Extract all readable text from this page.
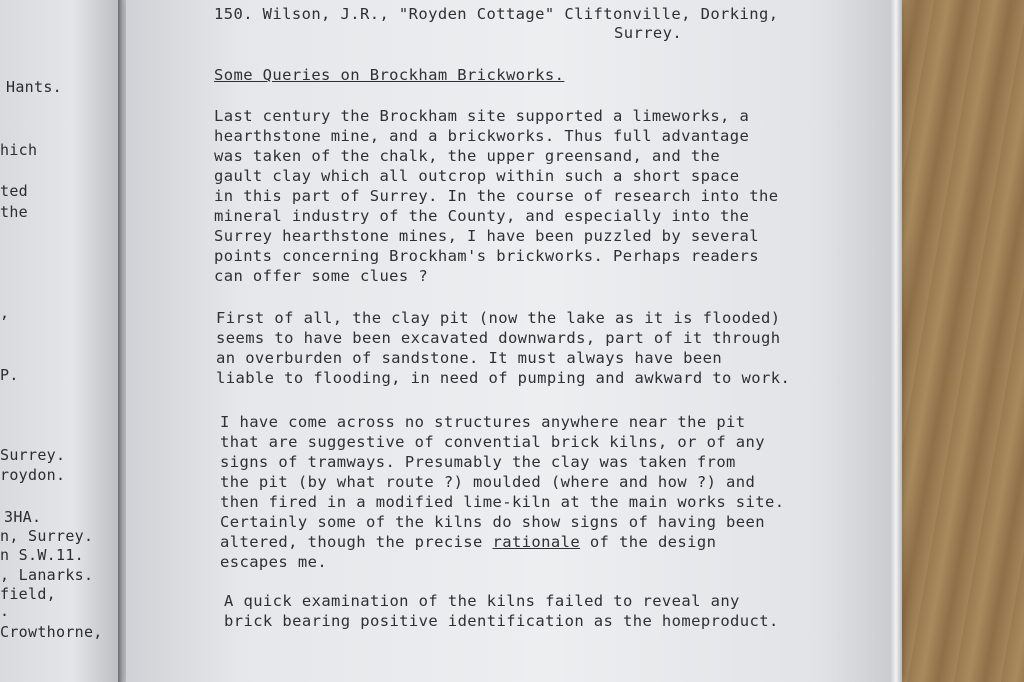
Hants.
hich
ted
the
,
P.
Surrey.
roydon.
3HA.
n, Surrey.
n S.W.11.
, Lanarks.
field,
.
Crowthorne,
150. Wilson, J.R., "Royden Cottage" Cliftonville, Dorking,
Surrey.
Some Queries on Brockham Brickworks.
Last century the Brockham site supported a limeworks, a
hearthstone mine, and a brickworks. Thus full advantage
was taken of the chalk, the upper greensand, and the
gault clay which all outcrop within such a short space
in this part of Surrey. In the course of research into the
mineral industry of the County, and especially into the
Surrey hearthstone mines, I have been puzzled by several
points concerning Brockham's brickworks. Perhaps readers
can offer some clues ?
First of all, the clay pit (now the lake as it is flooded)
seems to have been excavated downwards, part of it through
an overburden of sandstone. It must always have been
liable to flooding, in need of pumping and awkward to work.
I have come across no structures anywhere near the pit
that are suggestive of convential brick kilns, or of any
signs of tramways. Presumably the clay was taken from
the pit (by what route ?) moulded (where and how ?) and
then fired in a modified lime-kiln at the main works site.
Certainly some of the kilns do show signs of having been
altered, though the precise rationale of the design
escapes me.
A quick examination of the kilns failed to reveal any
brick bearing positive identification as the homeproduct.
